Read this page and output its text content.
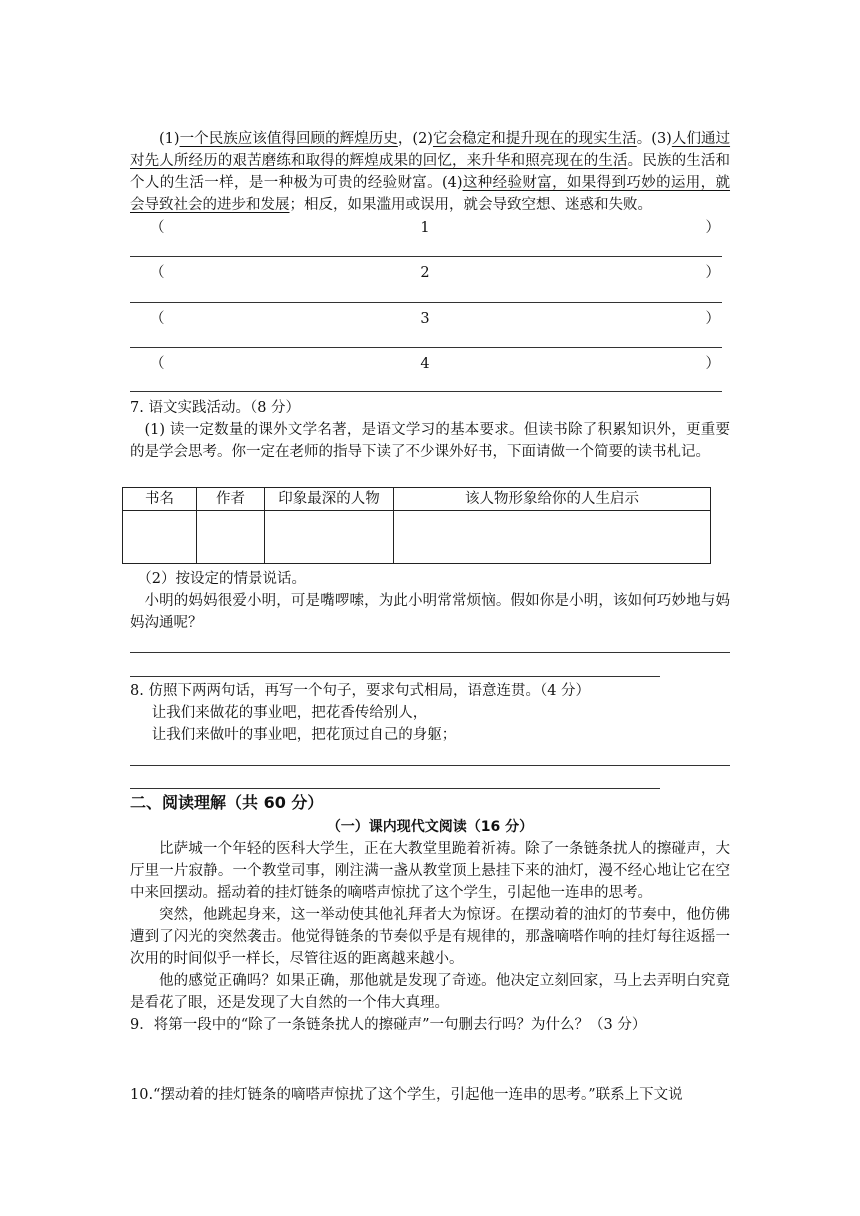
(1)一个民族应该值得回顾的辉煌历史，(2)它会稳定和提升现在的现实生活。(3)人们通过对先人所经历的艰苦磨练和取得的辉煌成果的回忆，来升华和照亮现在的生活。民族的生活和个人的生活一样，是一种极为可贵的经验财富。(4)这种经验财富，如果得到巧妙的运用，就会导致社会的进步和发展；相反，如果滥用或误用，就会导致空想、迷惑和失败。

（	1	）
（	2	）
（	3	）
（	4	）

7. 语文实践活动。（8 分）

(1) 读一定数量的课外文学名著，是语文学习的基本要求。但读书除了积累知识外，更重要的是学会思考。你一定在老师的指导下读了不少课外好书，下面请做一个简要的读书札记。

书名	作者	印象最深的人物	该人物形象给你的人生启示

（2）按设定的情景说话。

小明的妈妈很爱小明，可是嘴啰嗦，为此小明常常烦恼。假如你是小明，该如何巧妙地与妈妈沟通呢？

8. 仿照下两两句话，再写一个句子，要求句式相局，语意连贯。（4 分）

让我们来做花的事业吧，把花香传给别人，

让我们来做叶的事业吧，把花顶过自己的身躯；

二、阅读理解（共 60 分）
（一）课内现代文阅读（16 分）

比萨城一个年轻的医科大学生，正在大教堂里跪着祈祷。除了一条链条扰人的擦碰声，大厅里一片寂静。一个教堂司事，刚注满一盏从教堂顶上悬挂下来的油灯，漫不经心地让它在空中来回摆动。摇动着的挂灯链条的嘀嗒声惊扰了这个学生，引起他一连串的思考。

突然，他跳起身来，这一举动使其他礼拜者大为惊讶。在摆动着的油灯的节奏中，他仿佛遭到了闪光的突然袭击。他觉得链条的节奏似乎是有规律的，那盏嘀嗒作响的挂灯每往返摇一次用的时间似乎一样长，尽管往返的距离越来越小。

他的感觉正确吗？如果正确，那他就是发现了奇迹。他决定立刻回家，马上去弄明白究竟是看花了眼，还是发现了大自然的一个伟大真理。

9．将第一段中的“除了一条链条扰人的擦碰声”一句删去行吗？为什么？（3 分）

10.“摆动着的挂灯链条的嘀嗒声惊扰了这个学生，引起他一连串的思考。”联系上下文说
